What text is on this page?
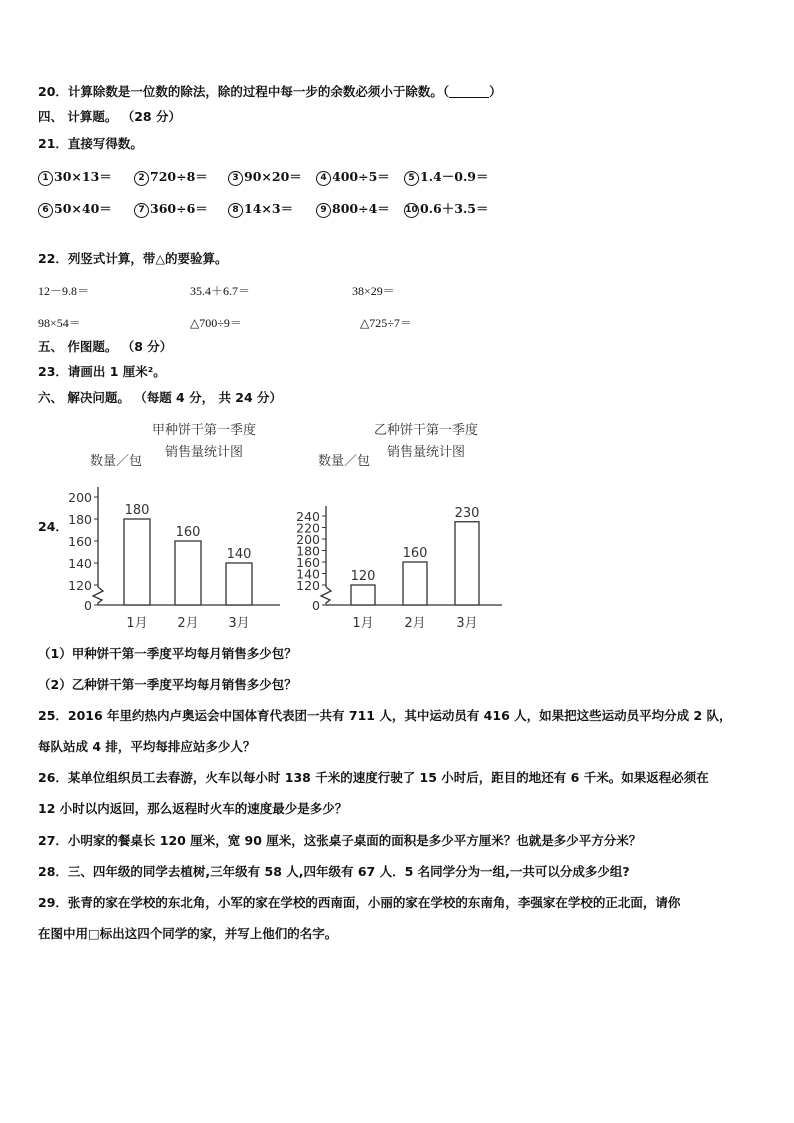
20．计算除数是一位数的除法，除的过程中每一步的余数必须小于除数。（	）
四、 计算题。 （28 分）
21．直接写得数。
1 30×13＝	2 720÷8＝	3 90×20＝	4 400÷5＝	5 1.4－0.9＝
6 50×40＝	7 360÷6＝	8 14×3＝	9 800÷4＝ 10 0.6＋3.5＝
22．列竖式计算，带△的要验算。
12－9.8＝	35.4＋6.7＝	38×29＝
98×54＝	△700÷9＝	△725÷7＝
五、 作图题。 （8 分）
23．请画出 1 厘米²。
六、 解决问题。 （每题 4 分， 共 24 分）
24．
甲种饼干第一季度
销售量统计图
数量／包
0
120
140
160
180
200
180
1月
160
2月
140
3月
乙种饼干第一季度
销售量统计图
数量／包
0
120
140
160
180
200
220
240
120
1月
160
2月
230
3月
（1）甲种饼干第一季度平均每月销售多少包？
（2）乙种饼干第一季度平均每月销售多少包？
25．2016 年里约热内卢奥运会中国体育代表团一共有 711 人，其中运动员有 416 人，如果把这些运动员平均分成 2 队，
每队站成 4 排，平均每排应站多少人？
26．某单位组织员工去春游，火车以每小时 138 千米的速度行驶了 15 小时后，距目的地还有 6 千米。如果返程必须在
12 小时以内返回，那么返程时火车的速度最少是多少？
27．小明家的餐桌长 120 厘米，宽 90 厘米，这张桌子桌面的面积是多少平方厘米？也就是多少平方分米？
28．三、四年级的同学去植树,三年级有 58 人,四年级有 67 人．5 名同学分为一组,一共可以分成多少组?
29．张青的家在学校的东北角，小军的家在学校的西南面，小丽的家在学校的东南角，李强家在学校的正北面，请你
在图中用□标出这四个同学的家，并写上他们的名字。
